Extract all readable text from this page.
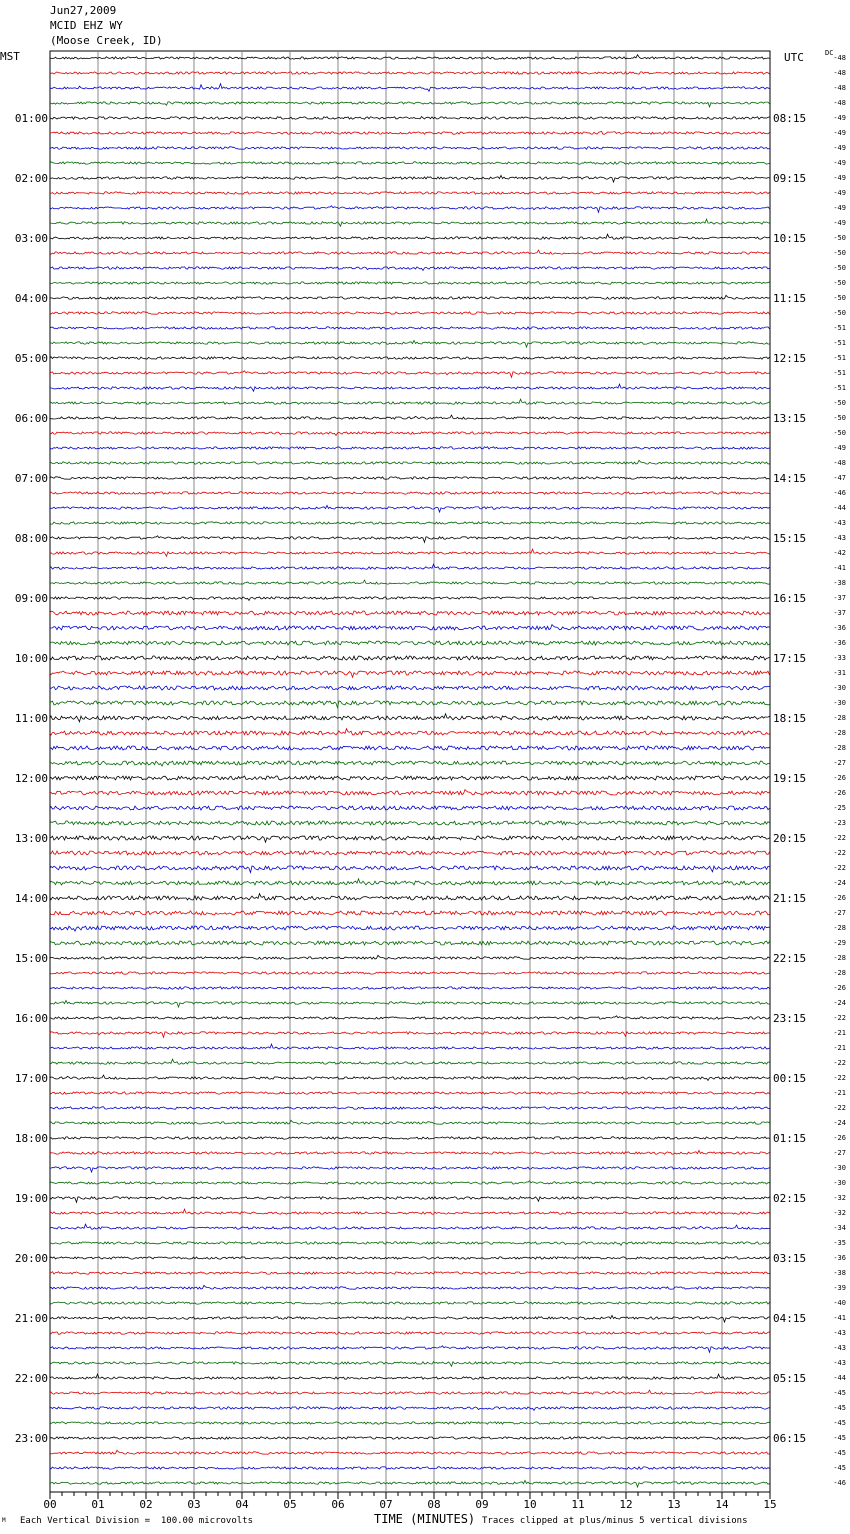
Jun27,2009
MCID EHZ WY
(Moose Creek, ID)
MST	UTC	DC
01:00
02:00
03:00
04:00
05:00
06:00
07:00
08:00
09:00
10:00
11:00
12:00
13:00
14:00
15:00
16:00
17:00
18:00
19:00
20:00
21:00
22:00
23:00
08:15
09:15
10:15
11:15
12:15
13:15
14:15
15:15
16:15
17:15
18:15
19:15
20:15
21:15
22:15
23:15
00:15
01:15
02:15
03:15
04:15
05:15
06:15
-48
-48
-48
-48
-49
-49
-49
-49
-49
-49
-49
-49
-50
-50
-50
-50
-50
-50
-51
-51
-51
-51
-51
-50
-50
-50
-49
-48
-47
-46
-44
-43
-43
-42
-41
-38
-37
-37
-36
-36
-33
-31
-30
-30
-28
-28
-28
-27
-26
-26
-25
-23
-22
-22
-22
-24
-26
-27
-28
-29
-28
-28
-26
-24
-22
-21
-21
-22
-22
-21
-22
-24
-26
-27
-30
-30
-32
-32
-34
-35
-36
-38
-39
-40
-41
-43
-43
-43
-44
-45
-45
-45
-45
-45
-45
-46
00	01	02	03	04	05	06	07	08	09	10	11	12	13	14	15
M Each Vertical Division =  100.00 microvolts	TIME (MINUTES) Traces clipped at plus/minus 5 vertical divisions
